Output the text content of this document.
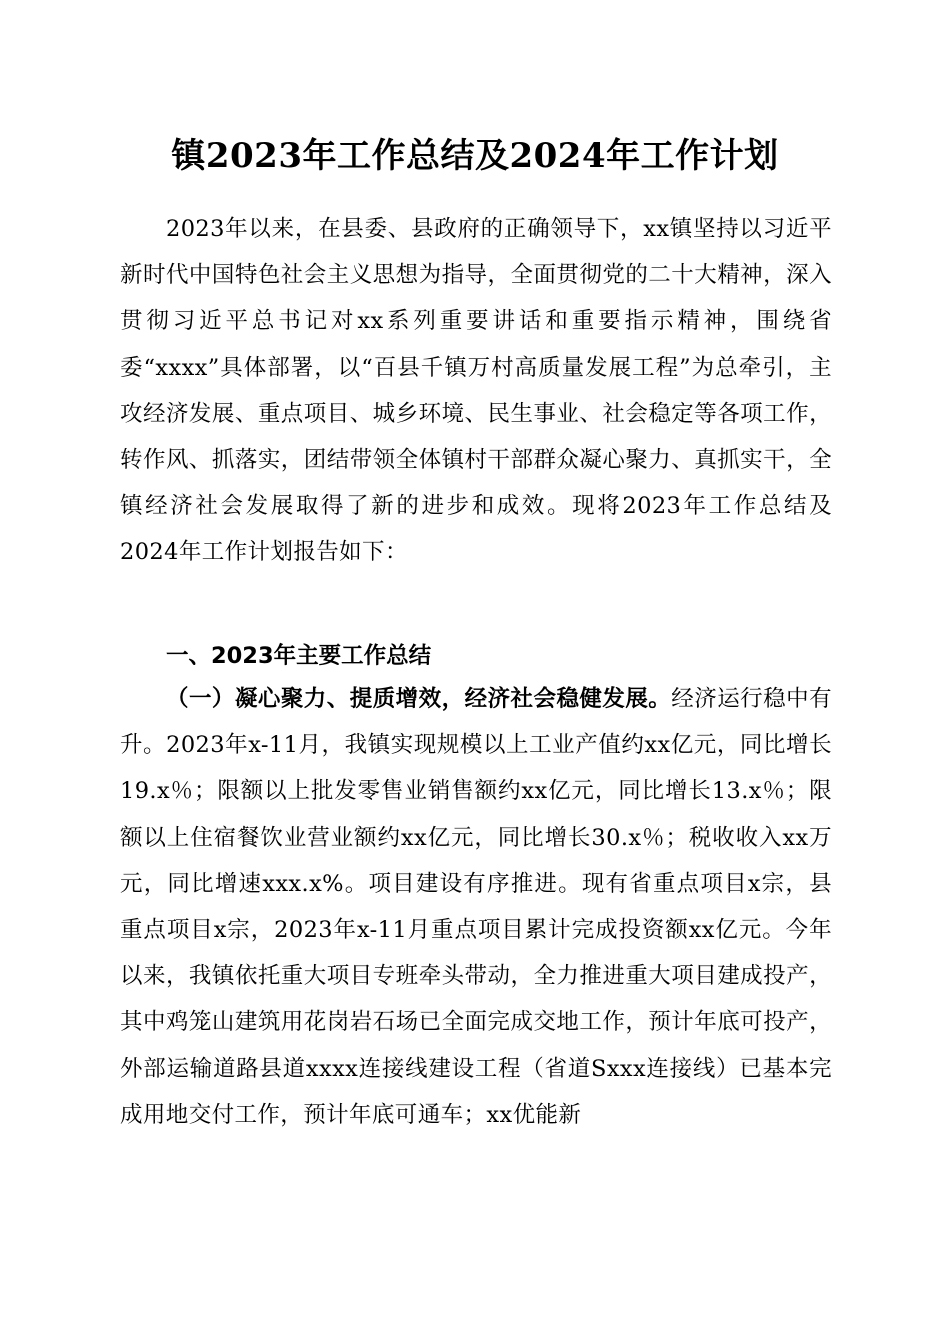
镇2023年工作总结及2024年工作计划

2023年以来，在县委、县政府的正确领导下，xx镇坚持以习近平新时代中国特色社会主义思想为指导，全面贯彻党的二十大精神，深入贯彻习近平总书记对xx系列重要讲话和重要指示精神，围绕省委“xxxx”具体部署，以“百县千镇万村高质量发展工程”为总牵引，主攻经济发展、重点项目、城乡环境、民生事业、社会稳定等各项工作，转作风、抓落实，团结带领全体镇村干部群众凝心聚力、真抓实干，全镇经济社会发展取得了新的进步和成效。现将2023年工作总结及2024年工作计划报告如下：

一、2023年主要工作总结

（一）凝心聚力、提质增效，经济社会稳健发展。经济运行稳中有升。2023年x-11月，我镇实现规模以上工业产值约xx亿元，同比增长19.x％；限额以上批发零售业销售额约xx亿元，同比增长13.x％；限额以上住宿餐饮业营业额约xx亿元，同比增长30.x％；税收收入xx万元，同比增速xxx.x%。项目建设有序推进。现有省重点项目x宗，县重点项目x宗，2023年x-11月重点项目累计完成投资额xx亿元。今年以来，我镇依托重大项目专班牵头带动，全力推进重大项目建成投产，其中鸡笼山建筑用花岗岩石场已全面完成交地工作，预计年底可投产，外部运输道路县道xxxx连接线建设工程（省道Sxxx连接线）已基本完成用地交付工作，预计年底可通车；xx优能新
